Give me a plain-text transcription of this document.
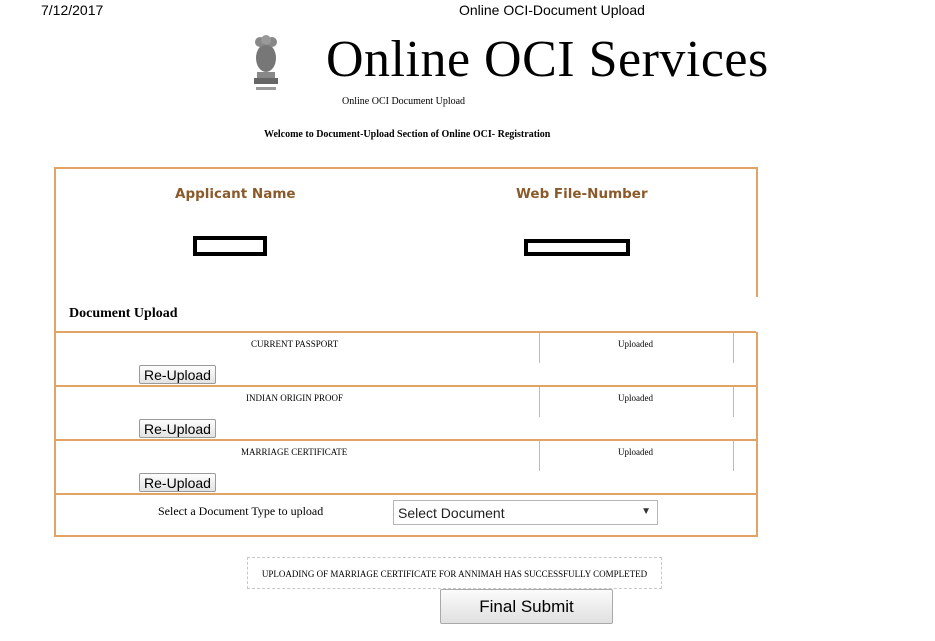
7/12/2017	Online OCI-Document Upload
Online OCI Services
Online OCI Document Upload
Welcome to Document-Upload Section of Online OCI- Registration
Applicant Name	Web File-Number
Document Upload
CURRENT PASSPORT	Uploaded
Re-Upload
INDIAN ORIGIN PROOF	Uploaded
Re-Upload
MARRIAGE CERTIFICATE	Uploaded
Re-Upload
Select a Document Type to upload	Select Document	▼
UPLOADING OF MARRIAGE CERTIFICATE FOR ANNIMAH HAS SUCCESSFULLY COMPLETED
Final Submit
